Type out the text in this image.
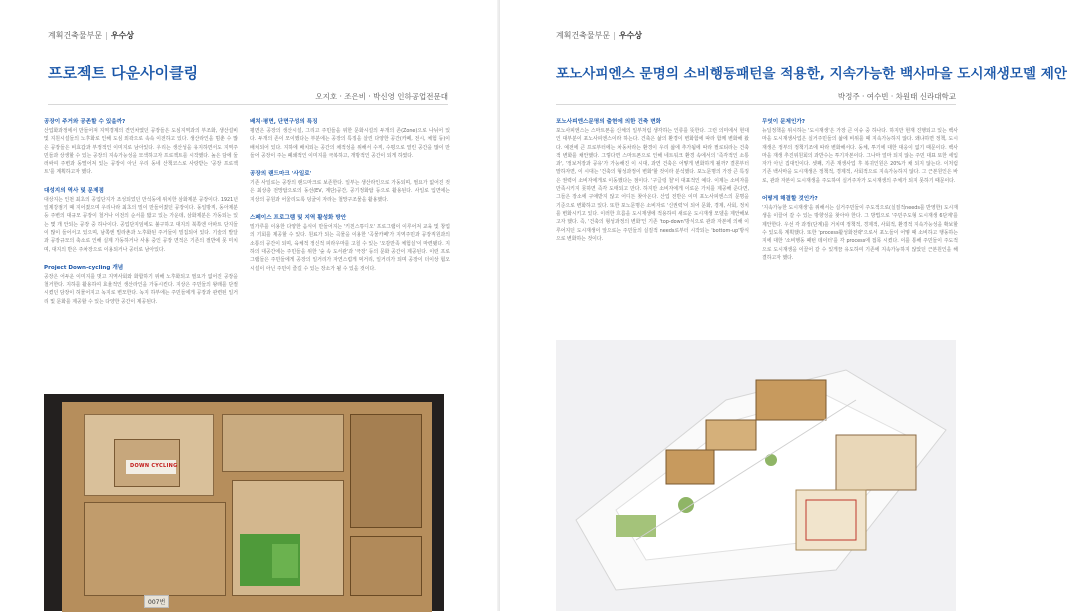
계획건축물부문 | 우수상
프로젝트 다운사이클링
오지호 · 조은비 · 박신영 인하공업전문대
공장이 주거와 공존할 수 있을까?

산업화과정에서 만들어져 지역경제의 견인차였던 공장들은 도심지역과의 부조화, 생산설비 및 지원시설들의 노후화로 인해 도심 외곽으로 속속 이전하고 있다. 생산라인을 멈춘 수 많은 공장들은 비효갑과 부정적인 이미지로 남아있다. 우리는 생산성을 유지하면서도 지역주민들과 상생할 수 있는 공장의 지속가능성을 모색하고자 프로젝트를 시작했다. 높은 담에 둘러싸여 주변과 동떨어져 있는 공장이 아닌 우리 동네 산책코스로 사랑받는 '공장 프로젝트'를 계획하고자 했다.

대성지의 역사 및 문제점

대상지는 인천 최초의 공업단지가 조성되었던 만석동에 위치한 삼화제분 공장이다. 1921년 일제강점기 때 지어졌으며 우리나라 최초의 밀이 만들어졌던 공장이다. 동일방직, 동아제분 등 주변의 대규모 공장이 철거나 이전의 순서를 밟고 있는 가운데, 삼화제분은 가동되는 있는 몇 개 안되는 공장 중 하나이다. 공업단지임에도 불구하고 대지의 북쪽엔 아파트 단지들이 많이 들어서고 있으며, 남쪽엔 빌라촌과 노후화된 주거들이 밀집되어 있다. 기술의 발달과 공장규모의 축소로 인해 실제 가동하거나 사용 중인 공장 면적은 기존의 절반에 못 미치며, 대지의 반은 주차장으로 이용되거나 공터로 남아있다.

Project Down-cycling 개념

공장은 어두운 이미지를 벗고 지역사회와 화합하기 위해 노후화되고 필요가 없어진 공장을 철거한다. 지하를 활용하여 효율적인 생산라인을 가동시킨다. 지상은 주민들의 왕래를 단절시켰던 담장이 허물어지고 녹지로 변모한다. 녹지 하부에는 주민들에게 공장과 관련된 일거리 및 문화를 제공할 수 있는 다양한 공간이 제공된다.

배치·평면, 단면구성의 특징

평면은 공장의 생산시설, 그리고 주민들을 위한 문화시설의 두개의 존(Zone)으로 나뉘어 있다. 두개의 존이 모이했다는 부분에는 공장의 특징을 살린 다양한 공간(카페, 전시, 체험 등)이 배치되어 있다. 지하에 배치되는 공간의 채적성을 위해서 수직, 수평으로 열린 공간을 많이 만들어 공장이 주는 폐쇄적인 이미지를 극복하고, 개방적인 공간이 되게 하였다.

공장의 랜드마크 '사일로'

기존 사일로는 공장의 랜드마크로 보존한다. 일부는 생산라인으로 가동되며, 필요가 없어진 것은 최상층 전망탑으로의 동선(EV, 계단)공간, 공기정화탑 등으로 활용된다. 사일로 입면에는 지상의 공원과 어울리도록 덩굴이 자라는 철망구조물을 활용했다.

스페이스 프로그램 및 지역 활성화 방안

밀가루를 이용한 다양한 음식이 만들어지는 '키친스튜디오' 프로그램이 이루어져 교육 및 창업의 기회를 제공할 수 있다. 원료가 되는 곡물을 이용한 '곡물카페'가 지역주민과 공장직원과의 소통의 공간이 되며, 육체적 정신적 피라우마를 고칠 수 있는 '오감만족 체험실'이 마련됐다. 지하의 대공간에는 주민들을 위한 '숲 속 도서관'과 '극장' 등의 문화 공간이 제공된다. 이런 프로그램들은 주민들에게 공장의 일거리가 자연스럽게 먹거리, 일거리가 되며 공장이 더이상 혐오시설이 아닌 주민이 즐길 수 있는 장소가 될 수 있을 것이다.

DOWN CYCLING
007번
계획건축물부문 | 우수상
포노사피엔스 문명의 소비행동패턴을 적용한, 지속가능한 백사마을 도시재생모델 제안
박정주 · 여수빈 · 차원태 신라대학교
포노사피엔스문명의 출현에 의한 건축 변화

포노사피엔스는 스마트폰을 신체의 일부처럼 생각하는 인류를 뜻한다. 그런 의미에서 현대인 대부분이 포노사피엔스이라 하는다. 건축은 삶의 환경이 변화함에 따라 함께 변화해 왔다. 예전에 큰 프로부터에는 차동차라는 환경이 우리 삶에 추가됨에 따라 필로티라는 건축적 변화를 채안했다. 그렇다면 스마트폰으로 인해 네트워크 환경 속에서의 '즉각적인 소통과', '정보저장과 공유'가 가능해진 이 시대, 과연 건축은 어떻게 변화하게 될까? 결론부터 말하자면, 이 시대는 '건축의 형성과정이 변화'할 것이라 분석했다. 포노문명의 가장 큰 특징은 권력이 소비자에게로 이동했다는 점이다. '구글렁 철'이 대표적인 예다. 이제는 소비자를 만족시키지 못하면 즉각 도태되고 만다. 하지만 소비자에게 이로운 가치를 제공해 준다면, 그들은 장소에 구애받지 않고 어디든 찾아온다. 산업 전반은 이미 포노사피엔스의 문명을 기준으로 변화하고 있다. 또한 포노문명은 소비자로 '신권력'이 되어 문화, 경제, 사회, 정치를 변화시키고 있다. 이러한 흐름을 도시재생에 적용하여 새로운 도시재생 모델을 제안해보고자 했다. 즉, '건축의 형성과정의 변화'인 기존 'top-down'방식으로 관과 자본에 의해 이루어지던 도시재생이 앞으로는 주민들의 실질적 needs로부터 시작되는 'bottom-up'방식으로 변화하는 것이다.

무엇이 문제인가?

뉴딜정책을 위시하는 '도시재생'은 가장 큰 이슈 중 하나다. 하지만 현재 진행되고 있는 백사마을 도시재생사업은 실거주민들의 삶에 비위를 때 지속가능하지 않다. 왜냐하면 정책, 도시재생은 정부의 정책기조에 따라 변화해서다. 동체, 투기에 대한 대응이 없기 때문이다. 백사마을 재생 추진위원회의 과반수는 투기자본이다. 그나마 얼마 되지 않는 주민 대표 또한 세입자가 아닌 집대인이다. 셋째, 기존 재생사업 후 복귀인원은 20%가 채 되지 않는다. 이처럼 기존 백사마을 도시재생은 정책적, 경제적, 사회적으로 지속가능하지 않다. 그 근본원인은 바로, 관과 자본이 도시재생을 주도하여 실거주자가 도시재생의 주체가 되지 못하기 때문이다.

어떻게 해결할 것인가?

'지속가능한 도시재생'을 위해서는 실거주민들이 주도적으로(실질적needs를 반영한) 도시재생을 이끌어 갈 수 있는 방향성을 찾아야 한다. 그 방법으로 '주민주도형 도시재생 6단계'를 제안한다. 우선 각 과정(단계)를 거치며 정책적, 경제적, 사회적, 환경적 지속가능성을 확보할 수 있도록 계획했다. 또한 'process활성화전략'으로서 포노들이 어떻 때 소비하고 행동하는지에 대한 '소비행동 패턴 데이터'를 각 process에 접목 시켰다. 이를 통해 주민들이 주도적으로 도시재생을 이끌어 갈 수 있게끔 유도하여 기존에 지속가능하지 않았던 근본원인을 해결하고자 했다.
